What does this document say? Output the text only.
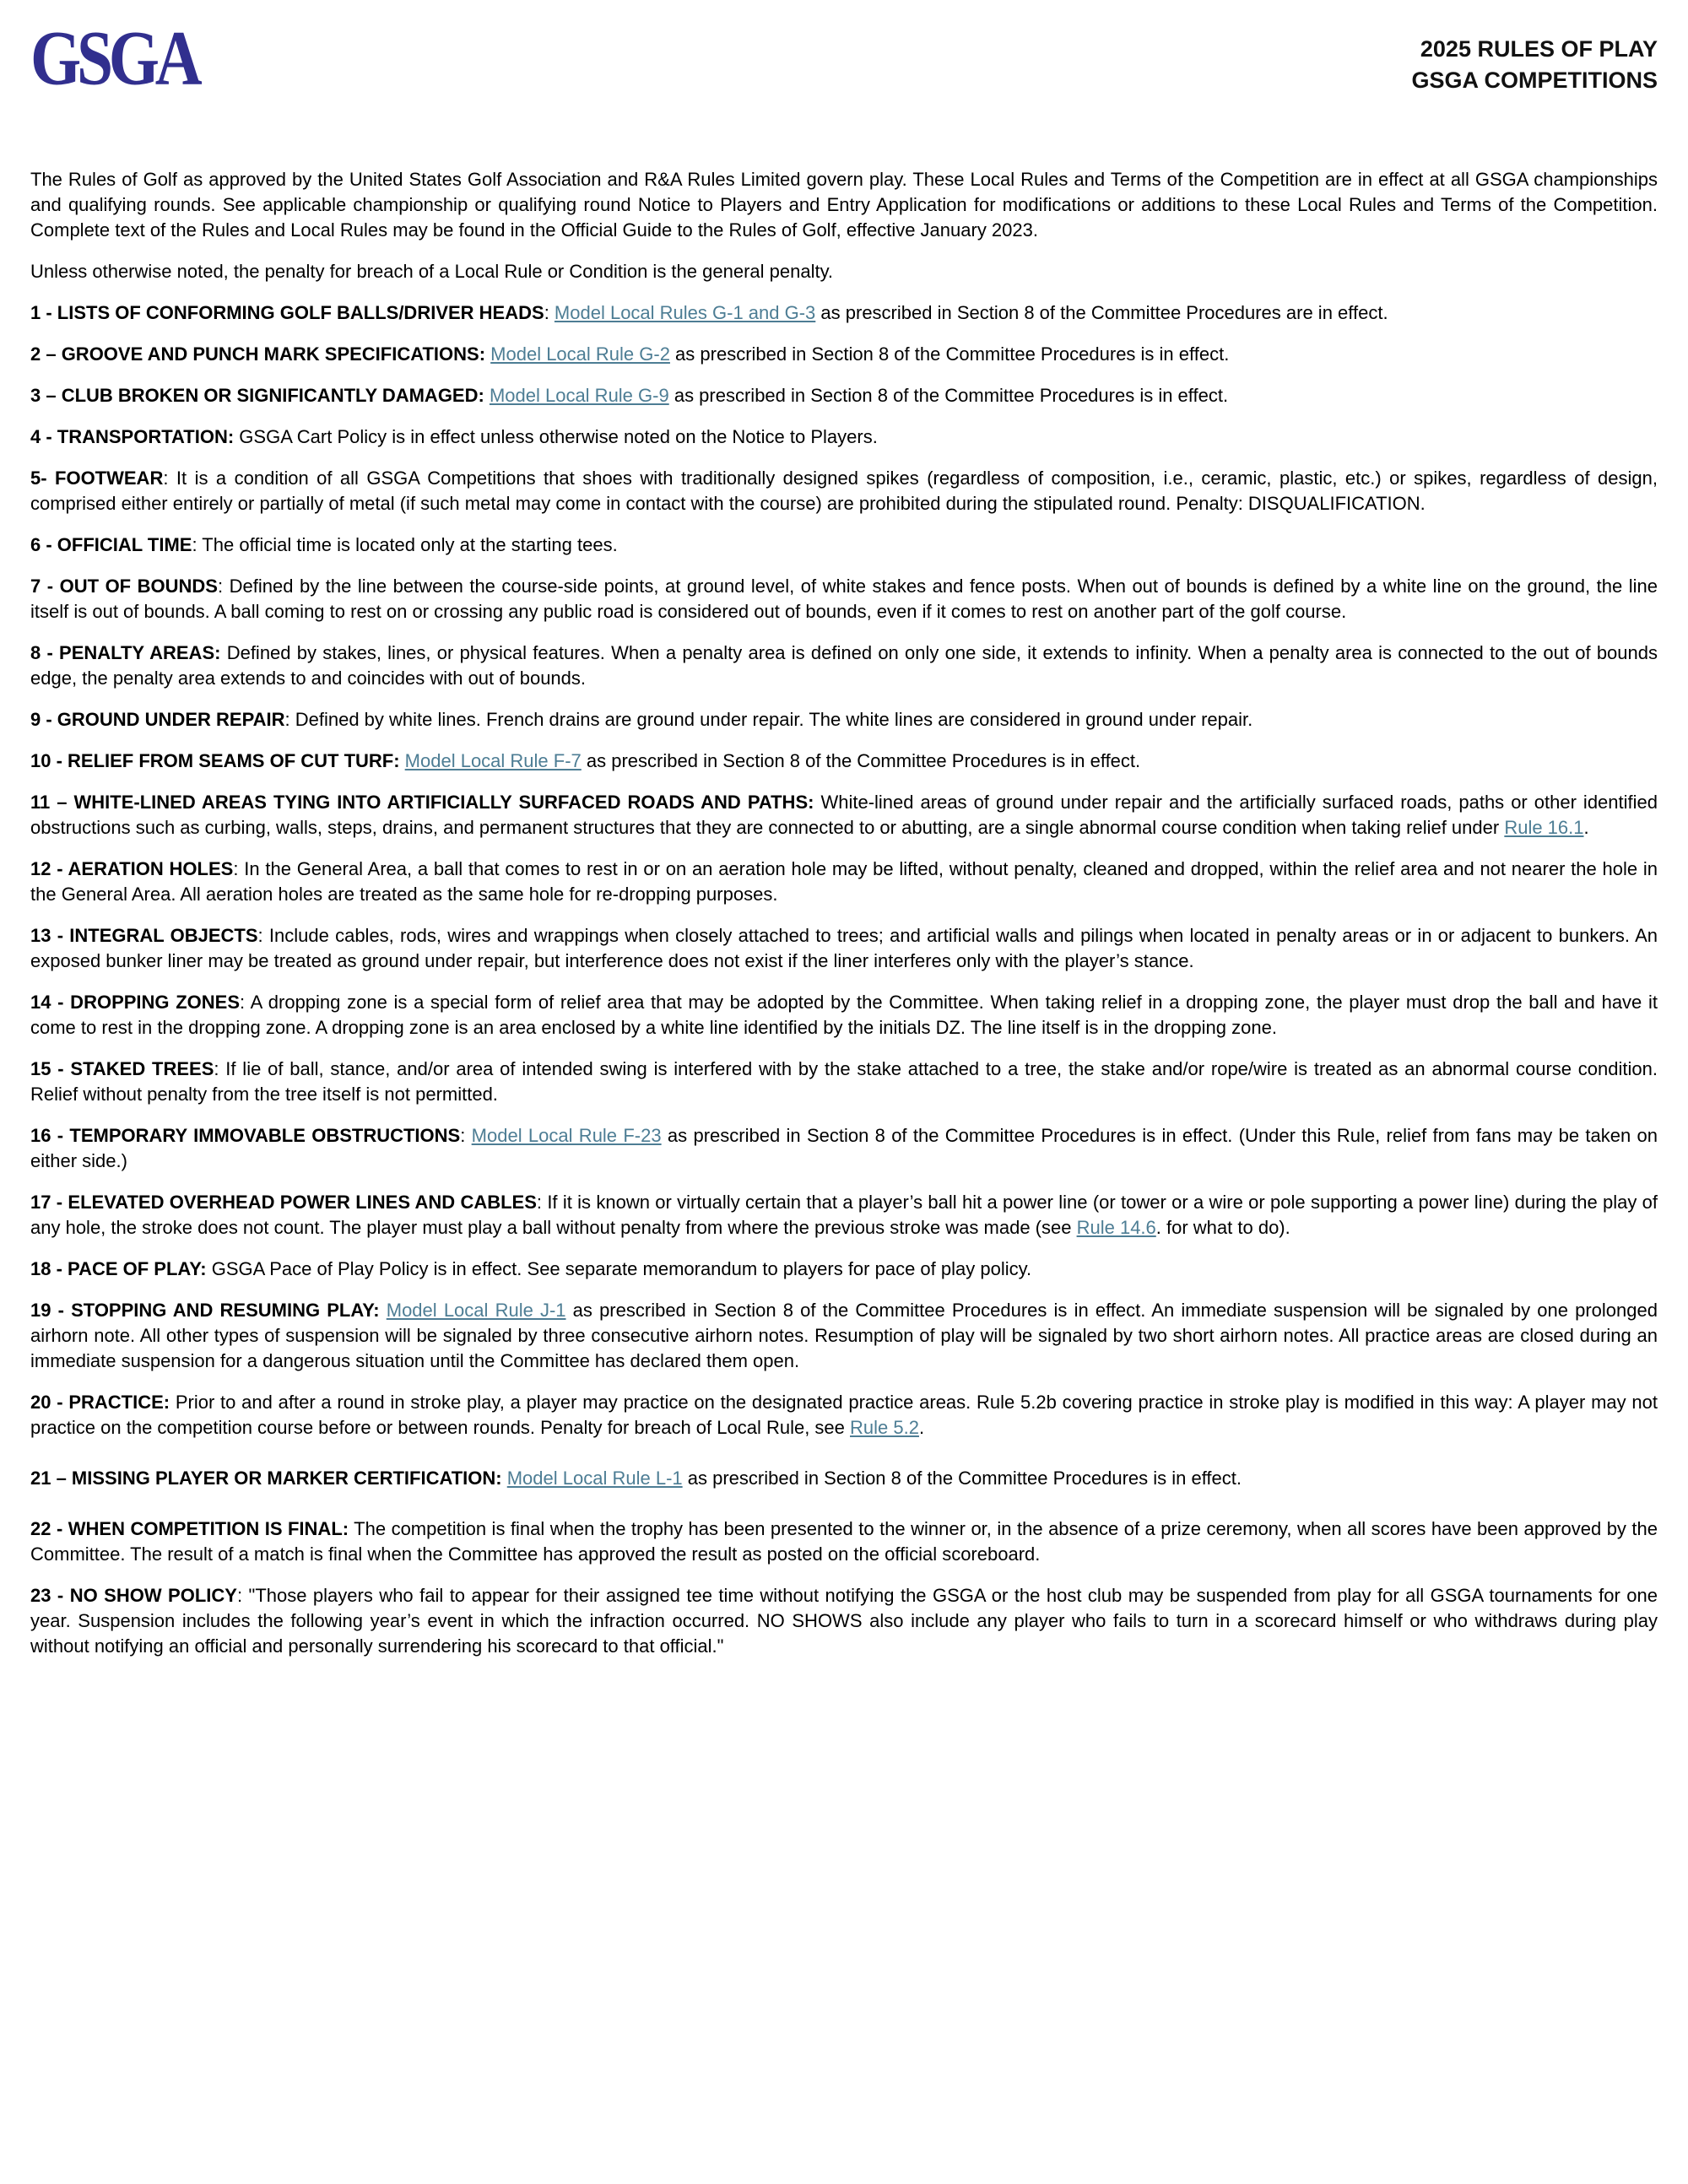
GSGA	2025 RULES OF PLAY
GSGA COMPETITIONS

The Rules of Golf as approved by the United States Golf Association and R&A Rules Limited govern play. These Local Rules and Terms of the Competition are in effect at all GSGA championships and qualifying rounds. See applicable championship or qualifying round Notice to Players and Entry Application for modifications or additions to these Local Rules and Terms of the Competition. Complete text of the Rules and Local Rules may be found in the Official Guide to the Rules of Golf, effective January 2023.

Unless otherwise noted, the penalty for breach of a Local Rule or Condition is the general penalty.

1 - LISTS OF CONFORMING GOLF BALLS/DRIVER HEADS: Model Local Rules G-1 and G-3 as prescribed in Section 8 of the Committee Procedures are in effect.

2 – GROOVE AND PUNCH MARK SPECIFICATIONS: Model Local Rule G-2 as prescribed in Section 8 of the Committee Procedures is in effect.

3 – CLUB BROKEN OR SIGNIFICANTLY DAMAGED: Model Local Rule G-9 as prescribed in Section 8 of the Committee Procedures is in effect.

4 - TRANSPORTATION: GSGA Cart Policy is in effect unless otherwise noted on the Notice to Players.

5- FOOTWEAR: It is a condition of all GSGA Competitions that shoes with traditionally designed spikes (regardless of composition, i.e., ceramic, plastic, etc.) or spikes, regardless of design, comprised either entirely or partially of metal (if such metal may come in contact with the course) are prohibited during the stipulated round. Penalty: DISQUALIFICATION.

6 - OFFICIAL TIME: The official time is located only at the starting tees.

7 - OUT OF BOUNDS: Defined by the line between the course-side points, at ground level, of white stakes and fence posts. When out of bounds is defined by a white line on the ground, the line itself is out of bounds. A ball coming to rest on or crossing any public road is considered out of bounds, even if it comes to rest on another part of the golf course.

8 - PENALTY AREAS: Defined by stakes, lines, or physical features. When a penalty area is defined on only one side, it extends to infinity. When a penalty area is connected to the out of bounds edge, the penalty area extends to and coincides with out of bounds.

9 - GROUND UNDER REPAIR: Defined by white lines. French drains are ground under repair. The white lines are considered in ground under repair.

10 - RELIEF FROM SEAMS OF CUT TURF: Model Local Rule F-7 as prescribed in Section 8 of the Committee Procedures is in effect.

11 – WHITE-LINED AREAS TYING INTO ARTIFICIALLY SURFACED ROADS AND PATHS: White-lined areas of ground under repair and the artificially surfaced roads, paths or other identified obstructions such as curbing, walls, steps, drains, and permanent structures that they are connected to or abutting, are a single abnormal course condition when taking relief under Rule 16.1.

12 - AERATION HOLES: In the General Area, a ball that comes to rest in or on an aeration hole may be lifted, without penalty, cleaned and dropped, within the relief area and not nearer the hole in the General Area. All aeration holes are treated as the same hole for re-dropping purposes.

13 - INTEGRAL OBJECTS: Include cables, rods, wires and wrappings when closely attached to trees; and artificial walls and pilings when located in penalty areas or in or adjacent to bunkers. An exposed bunker liner may be treated as ground under repair, but interference does not exist if the liner interferes only with the player’s stance.

14 - DROPPING ZONES: A dropping zone is a special form of relief area that may be adopted by the Committee. When taking relief in a dropping zone, the player must drop the ball and have it come to rest in the dropping zone. A dropping zone is an area enclosed by a white line identified by the initials DZ. The line itself is in the dropping zone.

15 - STAKED TREES: If lie of ball, stance, and/or area of intended swing is interfered with by the stake attached to a tree, the stake and/or rope/wire is treated as an abnormal course condition. Relief without penalty from the tree itself is not permitted.

16 - TEMPORARY IMMOVABLE OBSTRUCTIONS: Model Local Rule F-23 as prescribed in Section 8 of the Committee Procedures is in effect. (Under this Rule, relief from fans may be taken on either side.)

17 - ELEVATED OVERHEAD POWER LINES AND CABLES: If it is known or virtually certain that a player’s ball hit a power line (or tower or a wire or pole supporting a power line) during the play of any hole, the stroke does not count. The player must play a ball without penalty from where the previous stroke was made (see Rule 14.6. for what to do).

18 - PACE OF PLAY: GSGA Pace of Play Policy is in effect. See separate memorandum to players for pace of play policy.

19 - STOPPING AND RESUMING PLAY: Model Local Rule J-1 as prescribed in Section 8 of the Committee Procedures is in effect. An immediate suspension will be signaled by one prolonged airhorn note. All other types of suspension will be signaled by three consecutive airhorn notes. Resumption of play will be signaled by two short airhorn notes. All practice areas are closed during an immediate suspension for a dangerous situation until the Committee has declared them open.

20 - PRACTICE: Prior to and after a round in stroke play, a player may practice on the designated practice areas. Rule 5.2b covering practice in stroke play is modified in this way: A player may not practice on the competition course before or between rounds. Penalty for breach of Local Rule, see Rule 5.2.

21 – MISSING PLAYER OR MARKER CERTIFICATION: Model Local Rule L-1 as prescribed in Section 8 of the Committee Procedures is in effect.

22 - WHEN COMPETITION IS FINAL: The competition is final when the trophy has been presented to the winner or, in the absence of a prize ceremony, when all scores have been approved by the Committee. The result of a match is final when the Committee has approved the result as posted on the official scoreboard.

23 - NO SHOW POLICY: "Those players who fail to appear for their assigned tee time without notifying the GSGA or the host club may be suspended from play for all GSGA tournaments for one year. Suspension includes the following year’s event in which the infraction occurred. NO SHOWS also include any player who fails to turn in a scorecard himself or who withdraws during play without notifying an official and personally surrendering his scorecard to that official."
